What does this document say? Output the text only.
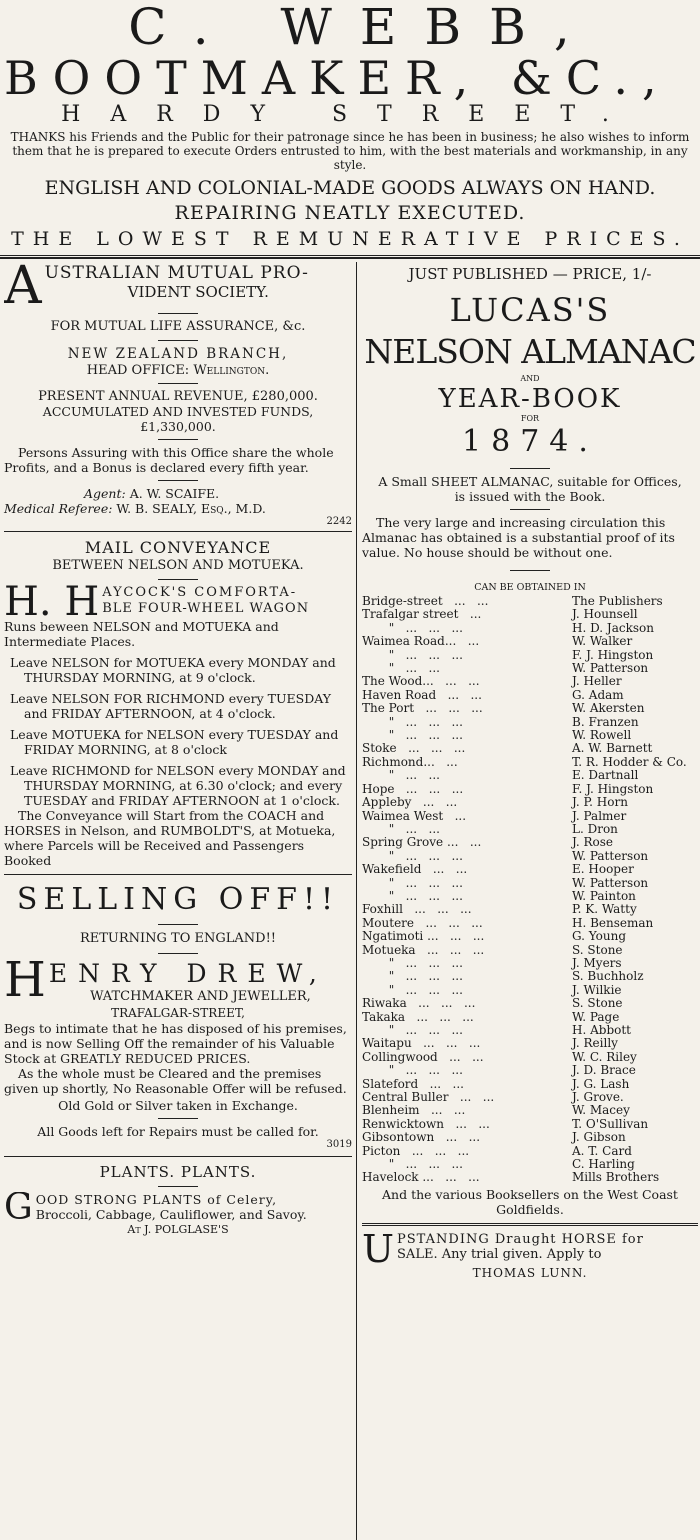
C. WEBB,
BOOTMAKER, &C.,
HARDY STREET.
THANKS his Friends and the Public for their patronage since he has been in business; he also wishes to inform them that he is prepared to execute Orders entrusted to him, with the best materials and workmanship, in any style.
ENGLISH AND COLONIAL-MADE GOODS ALWAYS ON HAND.
REPAIRING NEATLY EXECUTED.
THE LOWEST REMUNERATIVE PRICES.
A USTRALIAN MUTUAL PRO-
VIDENT SOCIETY.
FOR MUTUAL LIFE ASSURANCE, &c.
NEW ZEALAND BRANCH,
HEAD OFFICE: Wellington.
PRESENT ANNUAL REVENUE, £280,000.
ACCUMULATED AND INVESTED FUNDS, £1,330,000.
Persons Assuring with this Office share the whole Profits, and a Bonus is declared every fifth year.
Agent: A. W. SCAIFE.
Medical Referee: W. B. SEALY, Esq., M.D.
2242
MAIL CONVEYANCE
BETWEEN NELSON AND MOTUEKA.
H. H AYCOCK'S COMFORTA-
BLE FOUR-WHEEL WAGON
Runs beween NELSON and MOTUEKA and Intermediate Places.
Leave NELSON for MOTUEKA every MONDAY and THURSDAY MORNING, at 9 o'clock.
Leave NELSON FOR RICHMOND every TUESDAY and FRIDAY AFTERNOON, at 4 o'clock.
Leave MOTUEKA for NELSON every TUESDAY and FRIDAY MORNING, at 8 o'clock
Leave RICHMOND for NELSON every MONDAY and THURSDAY MORNING, at 6.30 o'clock; and every TUESDAY and FRIDAY AFTERNOON at 1 o'clock.
The Conveyance will Start from the COACH and HORSES in Nelson, and RUMBOLDT'S, at Motueka, where Parcels will be Received and Passengers Booked
SELLING OFF!!
RETURNING TO ENGLAND!!
H ENRY DREW,
WATCHMAKER AND JEWELLER,
TRAFALGAR-STREET,
Begs to intimate that he has disposed of his premises, and is now Selling Off the remainder of his Valuable Stock at GREATLY REDUCED PRICES.
As the whole must be Cleared and the premises given up shortly, No Reasonable Offer will be refused.
Old Gold or Silver taken in Exchange.
All Goods left for Repairs must be called for.
3019
PLANTS. PLANTS.
G OOD STRONG PLANTS of Celery,
Broccoli, Cabbage, Cauliflower, and Savoy.
At J. POLGLASE'S
JUST PUBLISHED — PRICE, 1/-
LUCAS'S
NELSON ALMANAC
AND
YEAR-BOOK
FOR
1874.
A Small SHEET ALMANAC, suitable for Offices, is issued with the Book.
The very large and increasing circulation this Almanac has obtained is a substantial proof of its value. No house should be without one.
CAN BE OBTAINED IN
Bridge-street   ...   ...	The Publishers
Trafalgar street   ...	J. Hounsell
"   ...   ...   ...	H. D. Jackson
Waimea Road...   ...	W. Walker
"   ...   ...   ...	F. J. Hingston
"   ...   ...	W. Patterson
The Wood...   ...   ...	J. Heller
Haven Road   ...   ...	G. Adam
The Port   ...   ...   ...	W. Akersten
"   ...   ...   ...	B. Franzen
"   ...   ...   ...	W. Rowell
Stoke   ...   ...   ...	A. W. Barnett
Richmond...   ...	T. R. Hodder & Co.
"   ...   ...	E. Dartnall
Hope   ...   ...   ...	F. J. Hingston
Appleby   ...   ...	J. P. Horn
Waimea West   ...	J. Palmer
"   ...   ...	L. Dron
Spring Grove ...   ...	J. Rose
"   ...   ...   ...	W. Patterson
Wakefield   ...   ...	E. Hooper
"   ...   ...   ...	W. Patterson
"   ...   ...   ...	W. Painton
Foxhill   ...   ...   ...	P. K. Watty
Moutere   ...   ...   ...	H. Benseman
Ngatimoti ...   ...   ...	G. Young
Motueka   ...   ...   ...	S. Stone
"   ...   ...   ...	J. Myers
"   ...   ...   ...	S. Buchholz
"   ...   ...   ...	J. Wilkie
Riwaka   ...   ...   ...	S. Stone
Takaka   ...   ...   ...	W. Page
"   ...   ...   ...	H. Abbott
Waitapu   ...   ...   ...	J. Reilly
Collingwood   ...   ...	W. C. Riley
"   ...   ...   ...	J. D. Brace
Slateford   ...   ...	J. G. Lash
Central Buller   ...   ...	J. Grove.
Blenheim   ...   ...	W. Macey
Renwicktown   ...   ...	T. O'Sullivan
Gibsontown   ...   ...	J. Gibson
Picton   ...   ...   ...	A. T. Card
"   ...   ...   ...	C. Harling
Havelock ...   ...   ...	Mills Brothers
And the various Booksellers on the West Coast Goldfields.
U PSTANDING Draught HORSE for
SALE. Any trial given. Apply to
THOMAS LUNN.
